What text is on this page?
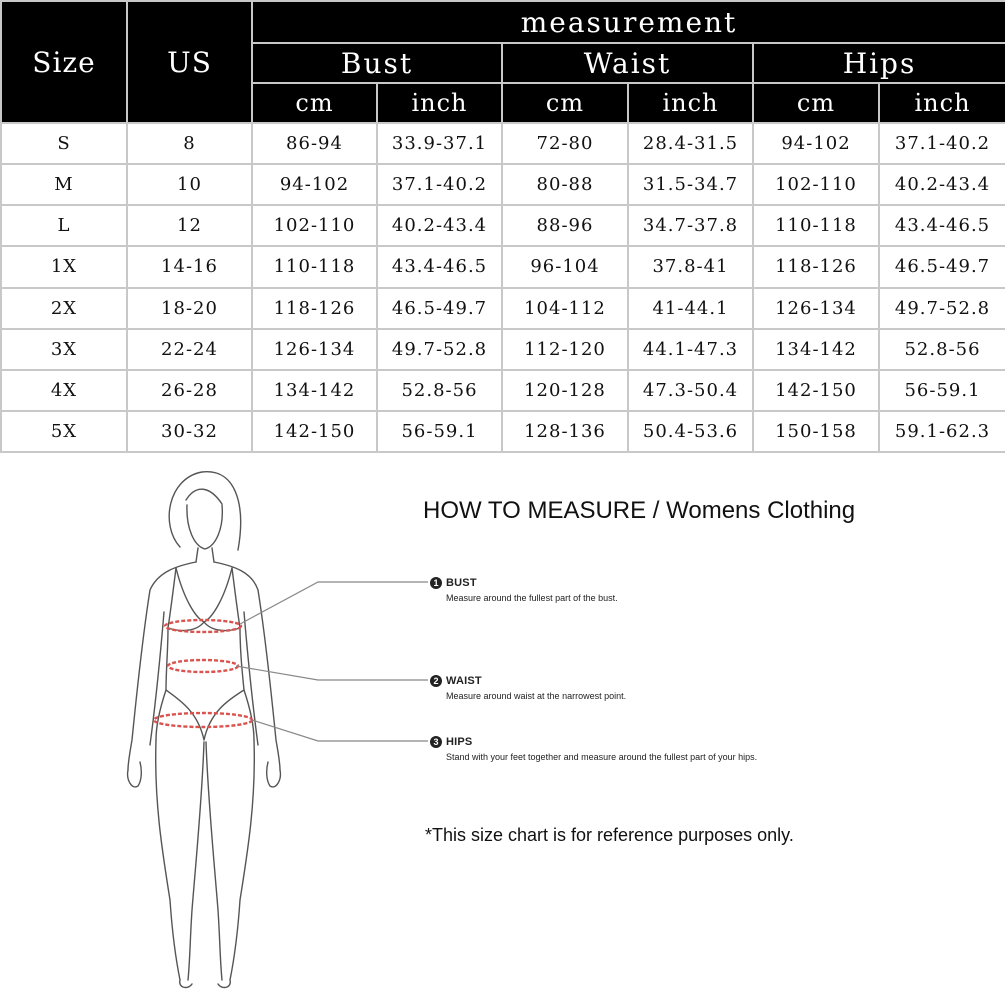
Size	US	measurement					
		Bust		Waist		Hips	
		cm	inch	cm	inch	cm	inch
S	8	86-94	33.9-37.1	72-80	28.4-31.5	94-102	37.1-40.2
M	10	94-102	37.1-40.2	80-88	31.5-34.7	102-110	40.2-43.4
L	12	102-110	40.2-43.4	88-96	34.7-37.8	110-118	43.4-46.5
1X	14-16	110-118	43.4-46.5	96-104	37.8-41	118-126	46.5-49.7
2X	18-20	118-126	46.5-49.7	104-112	41-44.1	126-134	49.7-52.8
3X	22-24	126-134	49.7-52.8	112-120	44.1-47.3	134-142	52.8-56
4X	26-28	134-142	52.8-56	120-128	47.3-50.4	142-150	56-59.1
5X	30-32	142-150	56-59.1	128-136	50.4-53.6	150-158	59.1-62.3
HOW TO MEASURE / Womens Clothing
1 BUST
Measure around the fullest part of the bust.
2 WAIST
Measure around waist at the narrowest point.
3 HIPS
Stand with your feet together and measure around the fullest part of your hips.
*This size chart is for reference purposes only.
